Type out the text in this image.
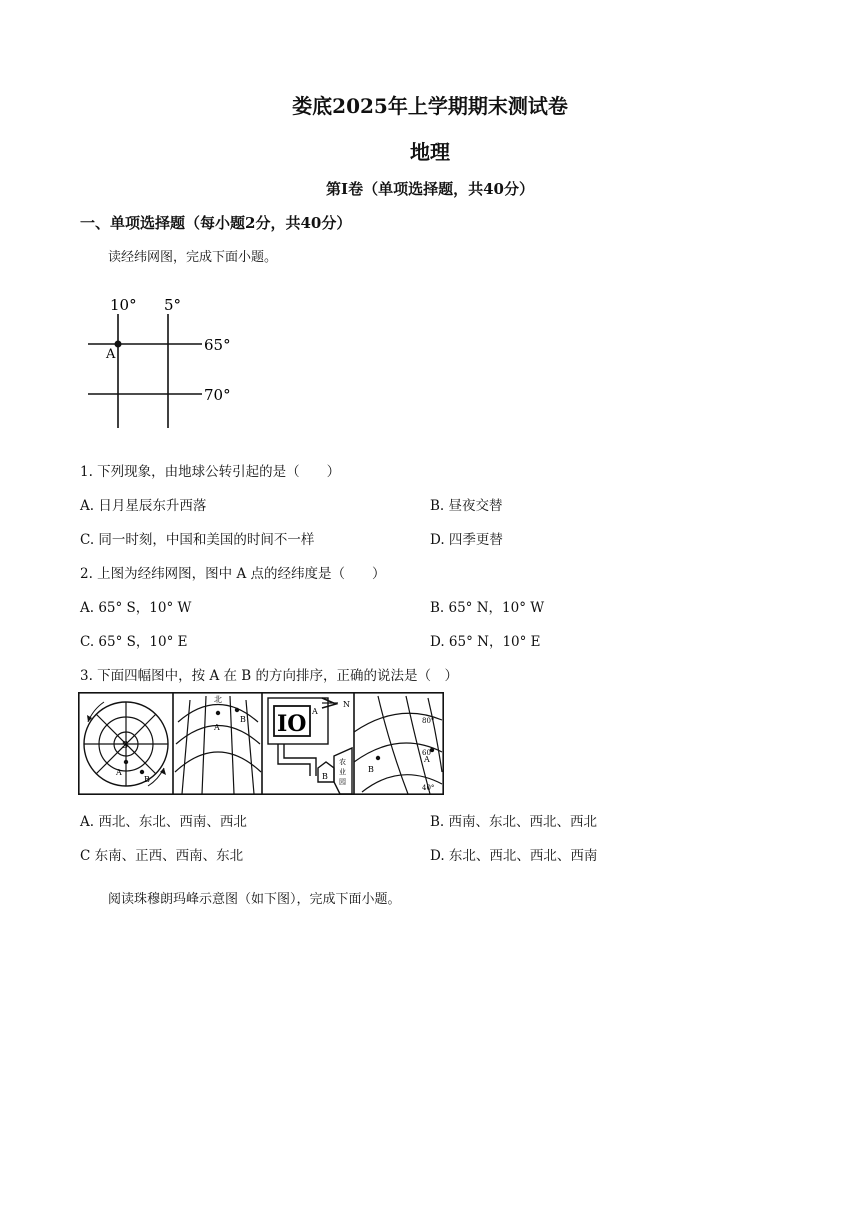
娄底2025年上学期期末测试卷
地理
第I卷（单项选择题，共40分）
一、单项选择题（每小题2分，共40分）
读经纬网图，完成下面小题。
10° 5°
65°
70°
A
1. 下列现象，由地球公转引起的是（　　）
A. 日月星辰东升西落	B. 昼夜交替
C. 同一时刻，中国和美国的时间不一样	D. 四季更替
2. 上图为经纬网图，图中 A 点的经纬度是（　　）
A. 65° S，10° W	B. 65° N，10° W
C. 65° S，10° E	D. 65° N，10° E
3. 下面四幅图中，按 A 在 B 的方向排序，正确的说法是（　）
S
A
B
北
A
B IO A
N
B
农
业
园
B
A
80°
60°
40°
A. 西北、东北、西南、西北	B. 西南、东北、西北、西北
C 东南、正西、西南、东北	D. 东北、西北、西北、西南
阅读珠穆朗玛峰示意图（如下图），完成下面小题。
